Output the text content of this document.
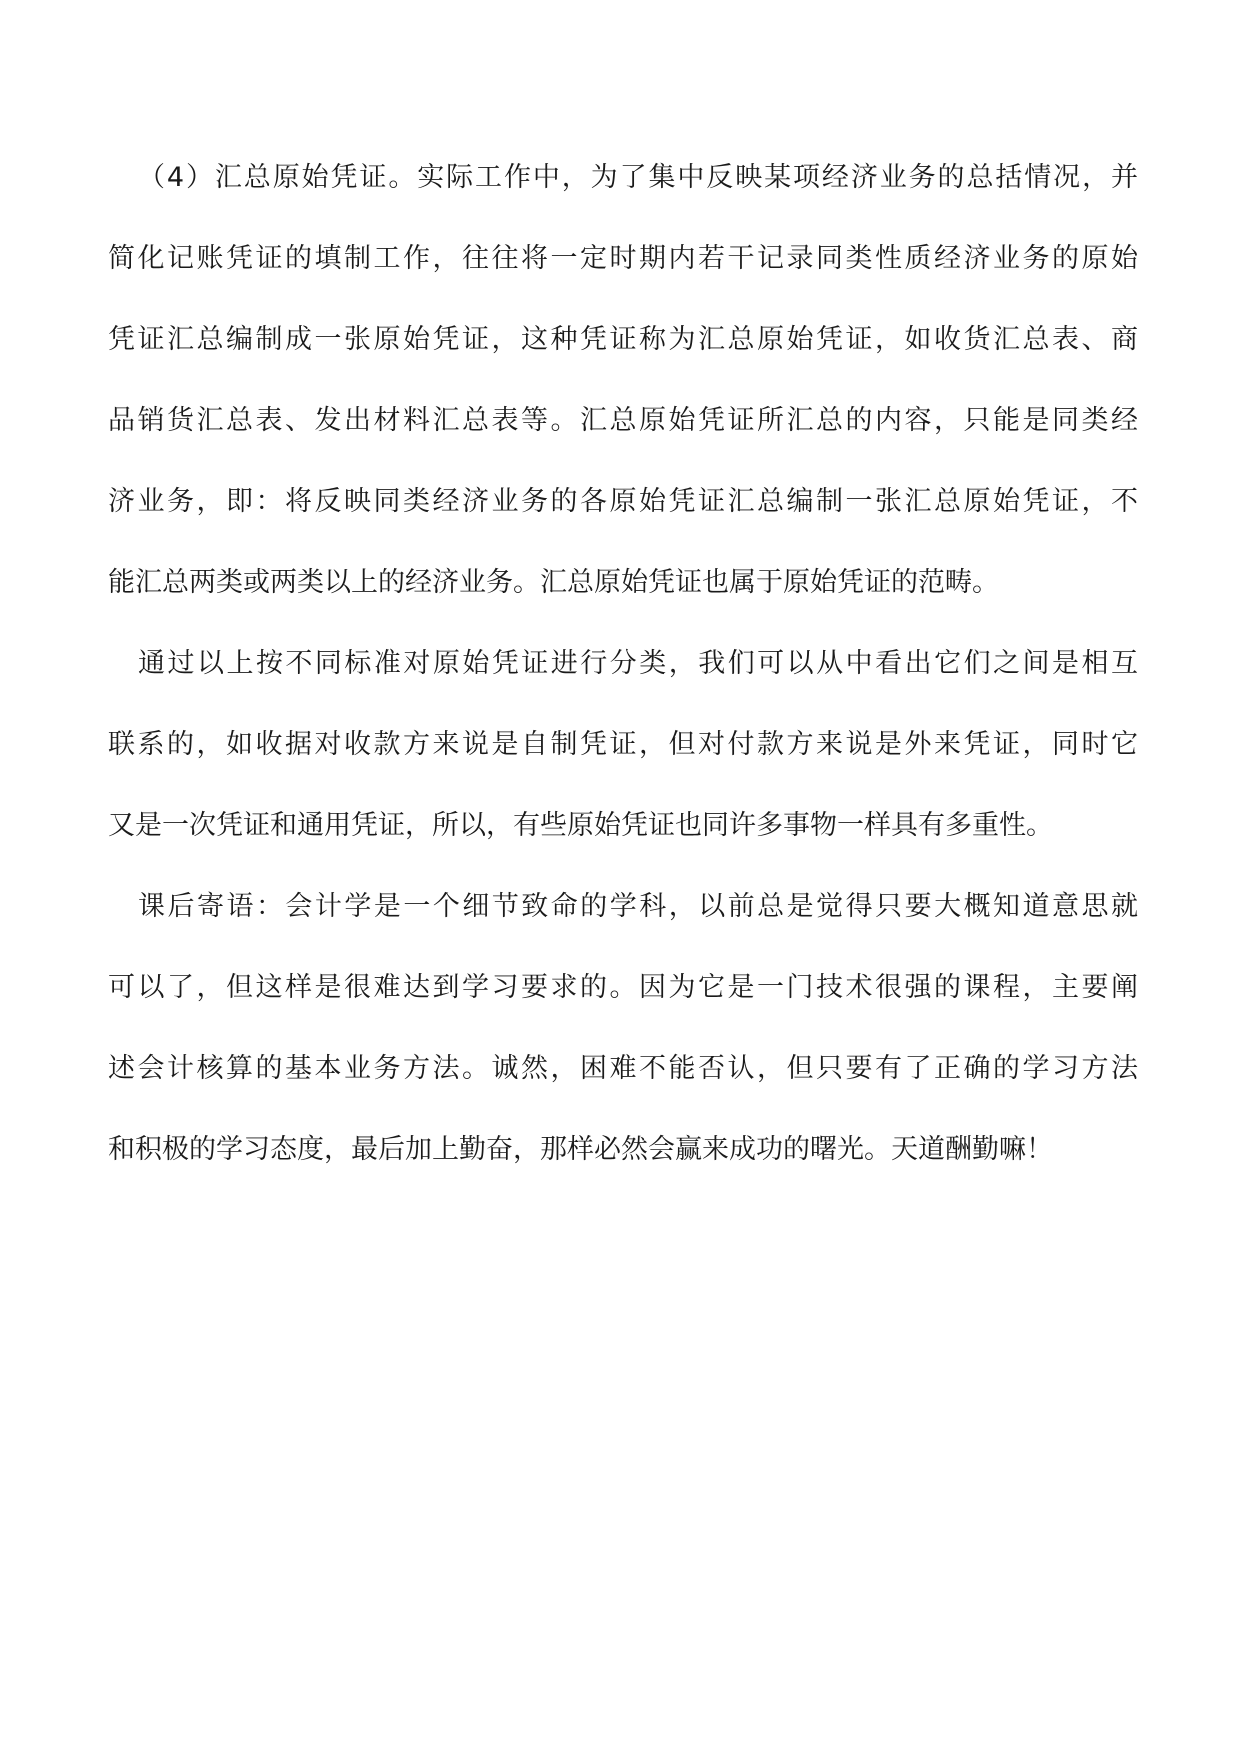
（4）汇总原始凭证。实际工作中，为了集中反映某项经济业务的总括情况，并
简化记账凭证的填制工作，往往将一定时期内若干记录同类性质经济业务的原始
凭证汇总编制成一张原始凭证，这种凭证称为汇总原始凭证，如收货汇总表、商
品销货汇总表、发出材料汇总表等。汇总原始凭证所汇总的内容，只能是同类经
济业务，即：将反映同类经济业务的各原始凭证汇总编制一张汇总原始凭证，不
能汇总两类或两类以上的经济业务。汇总原始凭证也属于原始凭证的范畴。
通过以上按不同标准对原始凭证进行分类，我们可以从中看出它们之间是相互
联系的，如收据对收款方来说是自制凭证，但对付款方来说是外来凭证，同时它
又是一次凭证和通用凭证，所以，有些原始凭证也同许多事物一样具有多重性。
课后寄语：会计学是一个细节致命的学科，以前总是觉得只要大概知道意思就
可以了，但这样是很难达到学习要求的。因为它是一门技术很强的课程，主要阐
述会计核算的基本业务方法。诚然，困难不能否认，但只要有了正确的学习方法
和积极的学习态度，最后加上勤奋，那样必然会赢来成功的曙光。天道酬勤嘛！
